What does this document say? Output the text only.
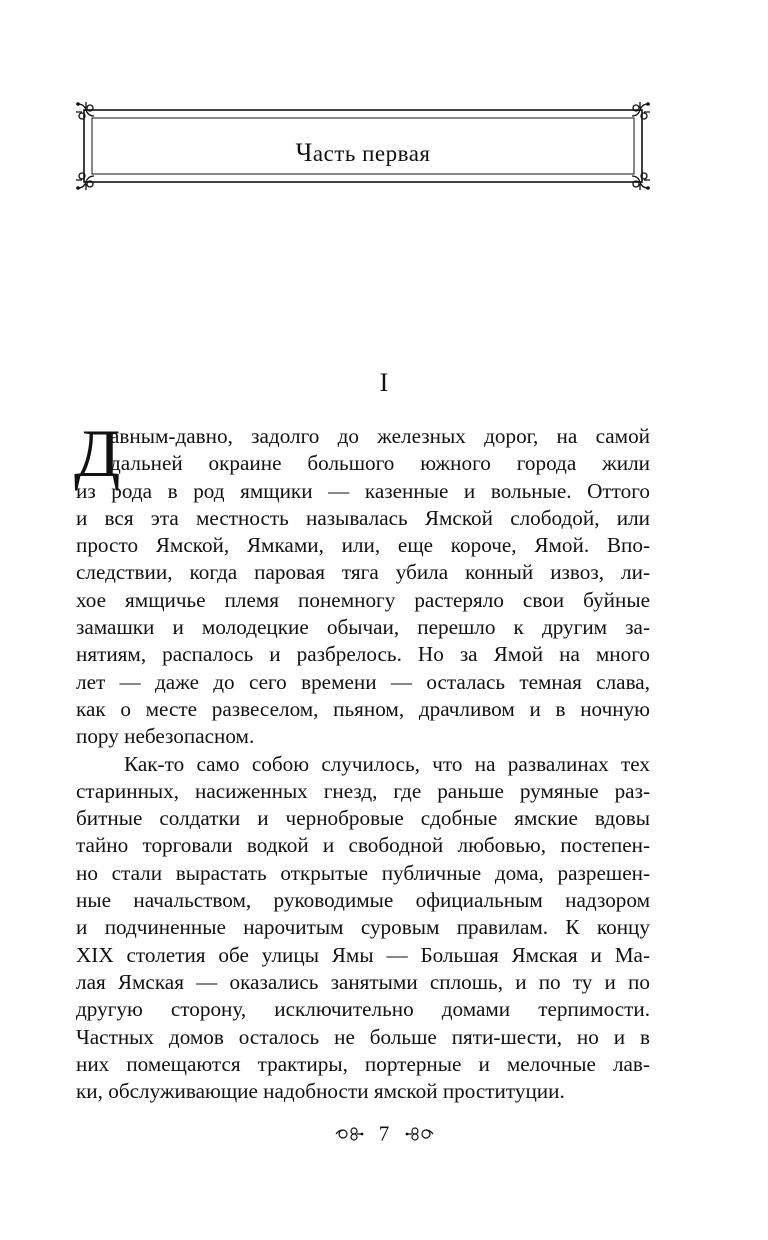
Часть первая
I
Д
авным-давно, задолго до железных дорог, на самой
дальней окраине большого южного города жили
из рода в род ямщики — казенные и вольные. Оттого
и вся эта местность называлась Ямской слободой, или
просто Ямской, Ямками, или, еще короче, Ямой. Впо-
следствии, когда паровая тяга убила конный извоз, ли-
хое ямщичье племя понемногу растеряло свои буйные
замашки и молодецкие обычаи, перешло к другим за-
нятиям, распалось и разбрелось. Но за Ямой на много
лет — даже до сего времени — осталась темная слава,
как о месте развеселом, пьяном, драчливом и в ночную
пору небезопасном.
Как-то само собою случилось, что на развалинах тех
старинных, насиженных гнезд, где раньше румяные раз-
битные солдатки и чернобровые сдобные ямские вдовы
тайно торговали водкой и свободной любовью, постепен-
но стали вырастать открытые публичные дома, разрешен-
ные начальством, руководимые официальным надзором
и подчиненные нарочитым суровым правилам. К концу
XIX столетия обе улицы Ямы — Большая Ямская и Ма-
лая Ямская — оказались занятыми сплошь, и по ту и по
другую сторону, исключительно домами терпимости.
Частных домов осталось не больше пяти-шести, но и в
них помещаются трактиры, портерные и мелочные лав-
ки, обслуживающие надобности ямской проституции.
7
